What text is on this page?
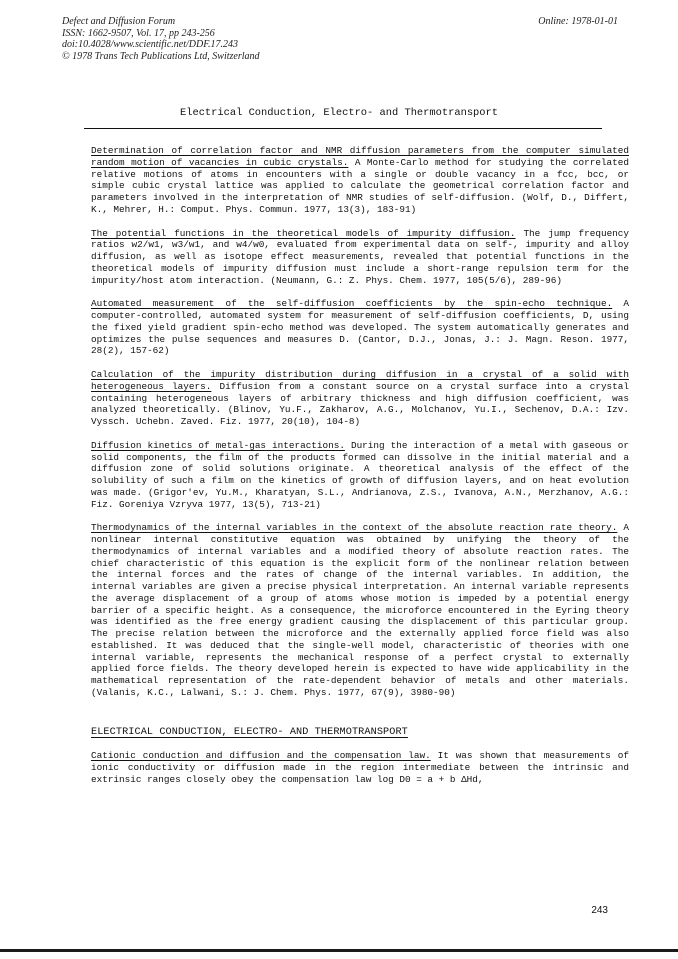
Defect and Diffusion Forum
ISSN: 1662-9507, Vol. 17, pp 243-256
doi:10.4028/www.scientific.net/DDF.17.243
© 1978 Trans Tech Publications Ltd, Switzerland
Online: 1978-01-01
Electrical Conduction, Electro- and Thermotransport

Determination of correlation factor and NMR diffusion parameters from the computer simulated random motion of vacancies in cubic crystals. A Monte-Carlo method for studying the correlated relative motions of atoms in encounters with a single or double vacancy in a fcc, bcc, or simple cubic crystal lattice was applied to calculate the geometrical correlation factor and parameters involved in the interpretation of NMR studies of self-diffusion. (Wolf, D., Differt, K., Mehrer, H.: Comput. Phys. Commun. 1977, 13(3), 183-91)

The potential functions in the theoretical models of impurity diffusion. The jump frequency ratios w2/w1, w3/w1, and w4/w0, evaluated from experimental data on self-, impurity and alloy diffusion, as well as isotope effect measurements, revealed that potential functions in the theoretical models of impurity diffusion must include a short-range repulsion term for the impurity/host atom interaction. (Neumann, G.: Z. Phys. Chem. 1977, 105(5/6), 289-96)

Automated measurement of the self-diffusion coefficients by the spin-echo technique. A computer-controlled, automated system for measurement of self-diffusion coefficients, D, using the fixed yield gradient spin-echo method was developed. The system automatically generates and optimizes the pulse sequences and measures D. (Cantor, D.J., Jonas, J.: J. Magn. Reson. 1977, 28(2), 157-62)

Calculation of the impurity distribution during diffusion in a crystal of a solid with heterogeneous layers. Diffusion from a constant source on a crystal surface into a crystal containing heterogeneous layers of arbitrary thickness and high diffusion coefficient, was analyzed theoretically. (Blinov, Yu.F., Zakharov, A.G., Molchanov, Yu.I., Sechenov, D.A.: Izv. Vyssch. Uchebn. Zaved. Fiz. 1977, 20(10), 104-8)

Diffusion kinetics of metal-gas interactions. During the interaction of a metal with gaseous or solid components, the film of the products formed can dissolve in the initial material and a diffusion zone of solid solutions originate. A theoretical analysis of the effect of the solubility of such a film on the kinetics of growth of diffusion layers, and on heat evolution was made. (Grigor'ev, Yu.M., Kharatyan, S.L., Andrianova, Z.S., Ivanova, A.N., Merzhanov, A.G.: Fiz. Goreniya Vzryva 1977, 13(5), 713-21)

Thermodynamics of the internal variables in the context of the absolute reaction rate theory. A nonlinear internal constitutive equation was obtained by unifying the theory of the thermodynamics of internal variables and a modified theory of absolute reaction rates. The chief characteristic of this equation is the explicit form of the nonlinear relation between the internal forces and the rates of change of the internal variables. In addition, the internal variables are given a precise physical interpretation. An internal variable represents the average displacement of a group of atoms whose motion is impeded by a potential energy barrier of a specific height. As a consequence, the microforce encountered in the Eyring theory was identified as the free energy gradient causing the displacement of this particular group. The precise relation between the microforce and the externally applied force field was also established. It was deduced that the single-well model, characteristic of theories with one internal variable, represents the mechanical response of a perfect crystal to externally applied force fields. The theory developed herein is expected to have wide applicability in the mathematical representation of the rate-dependent behavior of metals and other materials. (Valanis, K.C., Lalwani, S.: J. Chem. Phys. 1977, 67(9), 3980-90)

ELECTRICAL CONDUCTION, ELECTRO- AND THERMOTRANSPORT

Cationic conduction and diffusion and the compensation law. It was shown that measurements of ionic conductivity or diffusion made in the region intermediate between the intrinsic and extrinsic ranges closely obey the compensation law log D0 = a + b ΔHd,

243
